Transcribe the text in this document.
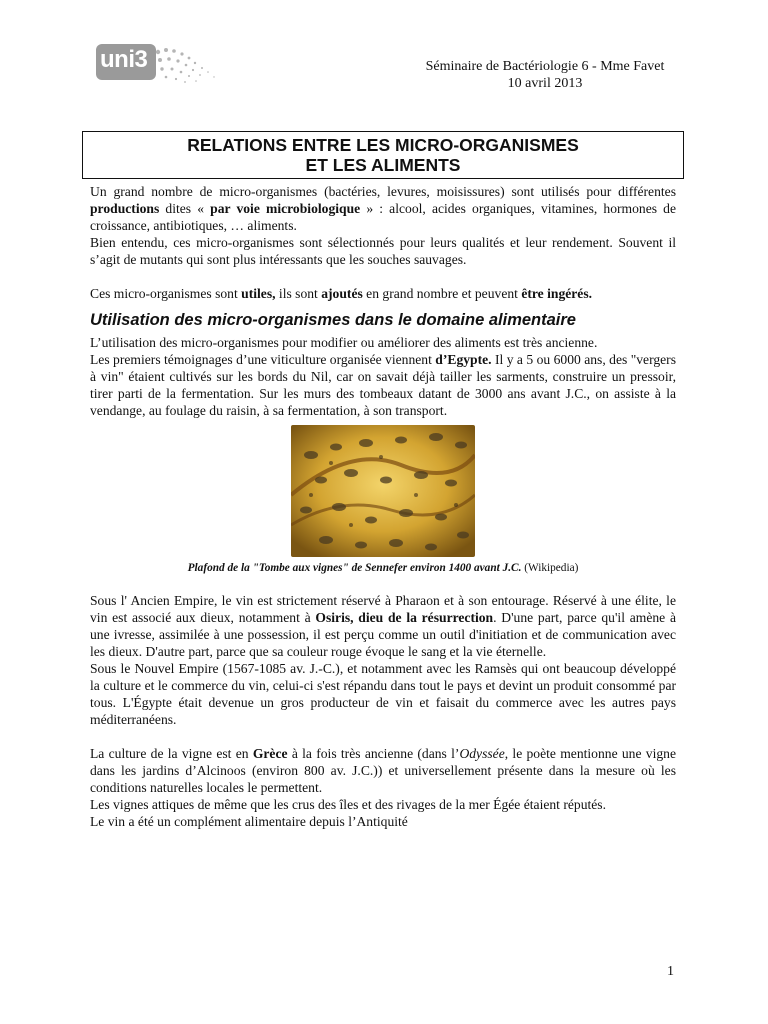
uni3	Séminaire de Bactériologie 6 - Mme Favet
10 avril 2013
RELATIONS ENTRE LES MICRO-ORGANISMES
ET LES ALIMENTS

Un grand nombre de micro-organismes (bactéries, levures, moisissures) sont utilisés pour différentes productions dites « par voie microbiologique » : alcool, acides organiques, vitamines, hormones de croissance, antibiotiques, … aliments.

Bien entendu, ces micro-organismes sont sélectionnés pour leurs qualités et leur rendement. Souvent il s’agit de mutants qui sont plus intéressants que les souches sauvages.

Ces micro-organismes sont utiles, ils sont ajoutés en grand nombre et peuvent être ingérés.

Utilisation des micro-organismes dans le domaine alimentaire

L’utilisation des micro-organismes pour modifier ou améliorer des aliments est très ancienne.

Les premiers témoignages d’une viticulture organisée viennent d’Egypte. Il y a 5 ou 6000 ans, des "vergers à vin" étaient cultivés sur les bords du Nil, car on savait déjà tailler les sarments, construire un pressoir, tirer parti de la fermentation. Sur les murs des tombeaux datant de 3000 ans avant J.C., on assiste à la vendange, au foulage du raisin, à sa fermentation, à son transport.

Plafond de la "Tombe aux vignes" de Sennefer environ 1400 avant J.C. (Wikipedia)

Sous l' Ancien Empire, le vin est strictement réservé à Pharaon et à son entourage. Réservé à une élite, le vin est associé aux dieux, notamment à Osiris, dieu de la résurrection. D'une part, parce qu'il amène à une ivresse, assimilée à une possession, il est perçu comme un outil d'initiation et de communication avec les dieux. D'autre part, parce que sa couleur rouge évoque le sang et la vie éternelle.

Sous le Nouvel Empire (1567-1085 av. J.-C.), et notamment avec les Ramsès qui ont beaucoup développé la culture et le commerce du vin, celui-ci s'est répandu dans tout le pays et devint un produit consommé par tous. L'Égypte était devenue un gros producteur de vin et faisait du commerce avec les autres pays méditerranéens.

La culture de la vigne est en Grèce à la fois très ancienne (dans l’Odyssée, le poète mentionne une vigne dans les jardins d’Alcinoos (environ 800 av. J.C.)) et universellement présente dans la mesure où les conditions naturelles locales le permettent.

Les vignes attiques de même que les crus des îles et des rivages de la mer Égée étaient réputés.

Le vin a été un complément alimentaire depuis l’Antiquité

1
